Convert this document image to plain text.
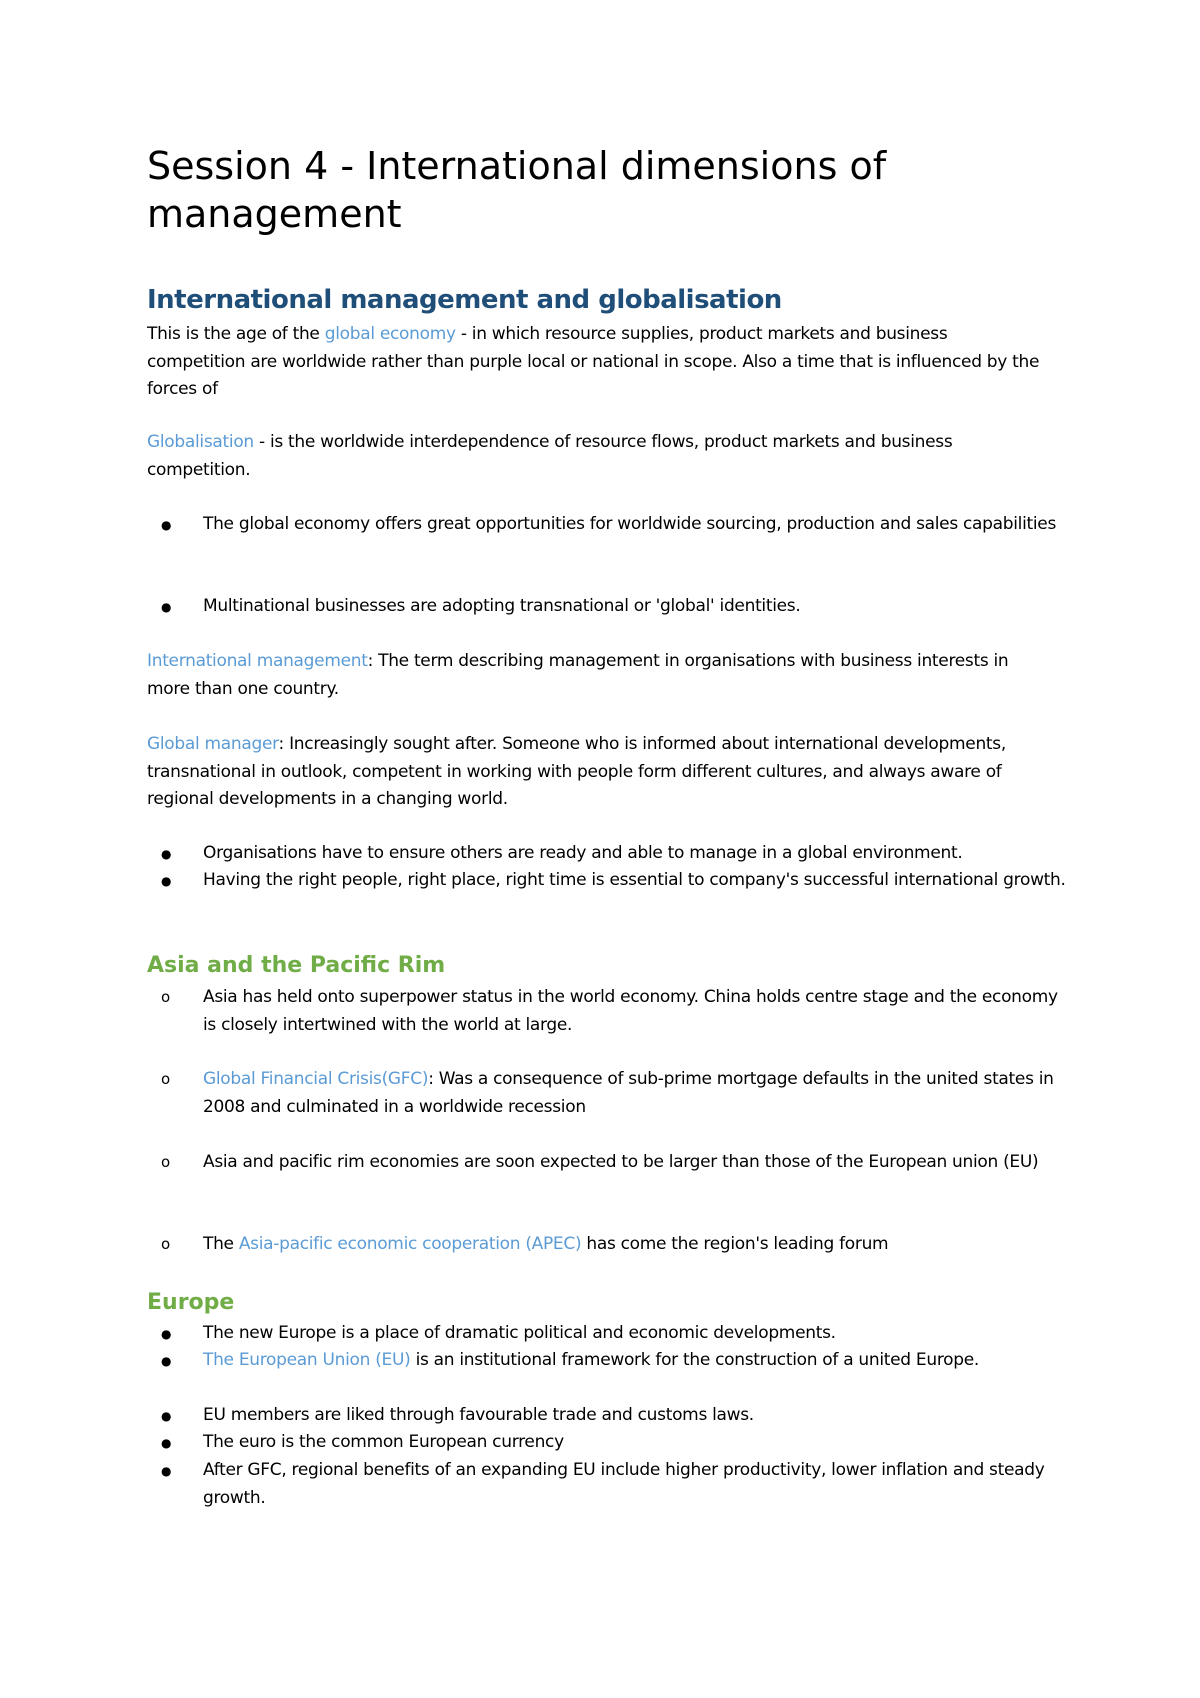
Session 4 - International dimensions of management
International management and globalisation

This is the age of the global economy - in which resource supplies, product markets and business competition are worldwide rather than purple local or national in scope. Also a time that is influenced by the forces of

Globalisation - is the worldwide interdependence of resource flows, product markets and business competition.

●

The global economy offers great opportunities for worldwide sourcing, production and sales capabilities

●

Multinational businesses are adopting transnational or 'global' identities.

International management: The term describing management in organisations with business interests in more than one country.

Global manager: Increasingly sought after. Someone who is informed about international developments, transnational in outlook, competent in working with people form different cultures, and always aware of regional developments in a changing world.

●

Organisations have to ensure others are ready and able to manage in a global environment.

●

Having the right people, right place, right time is essential to company's successful international growth.

Asia and the Pacific Rim
o

Asia has held onto superpower status in the world economy. China holds centre stage and the economy is closely intertwined with the world at large.

o

Global Financial Crisis(GFC): Was a consequence of sub-prime mortgage defaults in the united states in 2008 and culminated in a worldwide recession

o

Asia and pacific rim economies are soon expected to be larger than those of the European union (EU)

o

The Asia-pacific economic cooperation (APEC) has come the region's leading forum

Europe
●

The new Europe is a place of dramatic political and economic developments.

●

The European Union (EU) is an institutional framework for the construction of a united Europe.

●

EU members are liked through favourable trade and customs laws.

●

The euro is the common European currency

●

After GFC, regional benefits of an expanding EU include higher productivity, lower inflation and steady growth.
